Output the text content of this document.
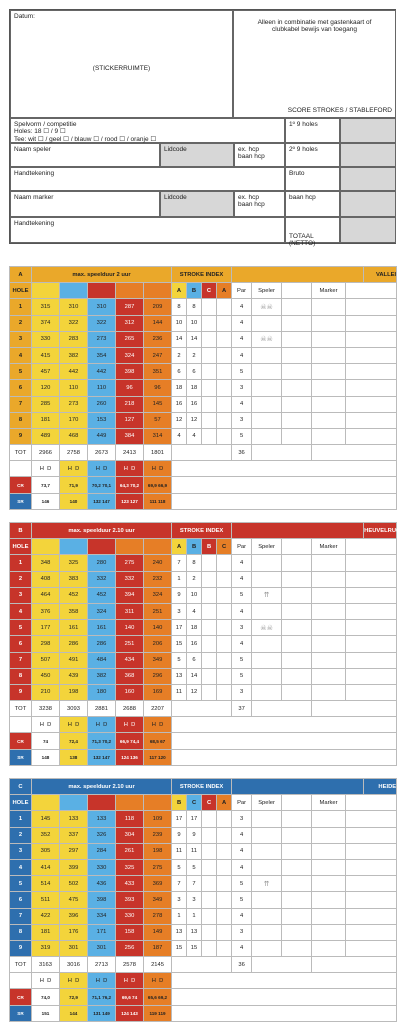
Datum:
(STICKERRUIMTE)
Alleen in combinatie met gastenkaart of clubkabel bewijs van toegang
SCORE STROKES / STABLEFORD
Spelvorm / competitie
Holes: 18 ☐ / 9 ☐
Tee: wit ☐ / geel ☐ / blauw ☐ / rood ☐ / oranje ☐
1º 9 holes
Naam speler	Lidcode	ex. hcp
baan hcp
2º 9 holes
Handtekening	Bruto
Naam marker	Lidcode	ex. hcp
baan hcp
baan hcp
Handtekening
TOTAAL (NETTO)
A	max. speelduur 2 uur					STROKE INDEX									VALLEI
HOLE						A	B	C	A	Par	Speler		Marker		
1	315	310	310	287	209	8	8			4	☠☠				
2	374	322	322	312	144	10	10			4					
3	330	283	273	265	236	14	14			4	☠☠				
4	415	382	354	324	247	2	2			4					
5	457	442	442	398	351	6	6			5					
6	120	110	110	96	96	18	18			3					
7	285	273	260	218	145	16	16			4					
8	181	170	153	127	57	12	12			3					
9	489	468	449	384	314	4	4			5					
TOT	2966	2758	2673	2413	1801					36					
	H D	H D	H D	H D	H D										
CR	73,7	71,9	70,2 70,1	64,3 70,2	69,9 66,9										
SR	146	140	132 147	123 127	111 118										
B	max. speelduur 2.10 uur					STROKE INDEX									HEUVELRUG
HOLE						A	B	B	C	Par	Speler		Marker		
1	348	325	280	275	240	7	8			4					
2	408	383	332	332	232	1	2			4					
3	464	452	452	394	324	9	10			5	⇈				
4	376	358	324	311	251	3	4			4					
5	177	161	161	140	140	17	18			3	☠☠				
6	298	286	286	251	206	15	16			4					
7	507	491	484	434	349	5	6			5					
8	450	439	382	368	296	13	14			5					
9	210	198	180	160	169	11	12			3					
TOT	3238	3093	2881	2688	2207					37					
	H D	H D	H D	H D	H D										
CR	74	72,4	71,3 70,2	66,9 74,4	68,5 67										
SR	148	138	132 147	124 136	117 120										
C	max. speelduur 2.10 uur					STROKE INDEX									HEIDE
HOLE						B	C	C	A	Par	Speler		Marker		
1	145	133	133	118	109	17	17			3					
2	352	337	326	304	239	9	9			4					
3	305	297	284	261	198	11	11			4					
4	414	399	330	325	275	5	5			4					
5	514	502	436	433	369	7	7			5	⇈				
6	511	475	398	393	349	3	3			5					
7	422	396	334	330	278	1	1			4					
8	181	176	171	158	149	13	13			3					
9	319	301	301	256	187	15	15			4					
TOT	3163	3016	2713	2578	2145					36					
	H D	H D	H D	H D	H D										
CR	74,0	72,9	71,1 76,2	69,6 74	65,6 69,2										
SR	151	144	131 149	124 143	119 119										
